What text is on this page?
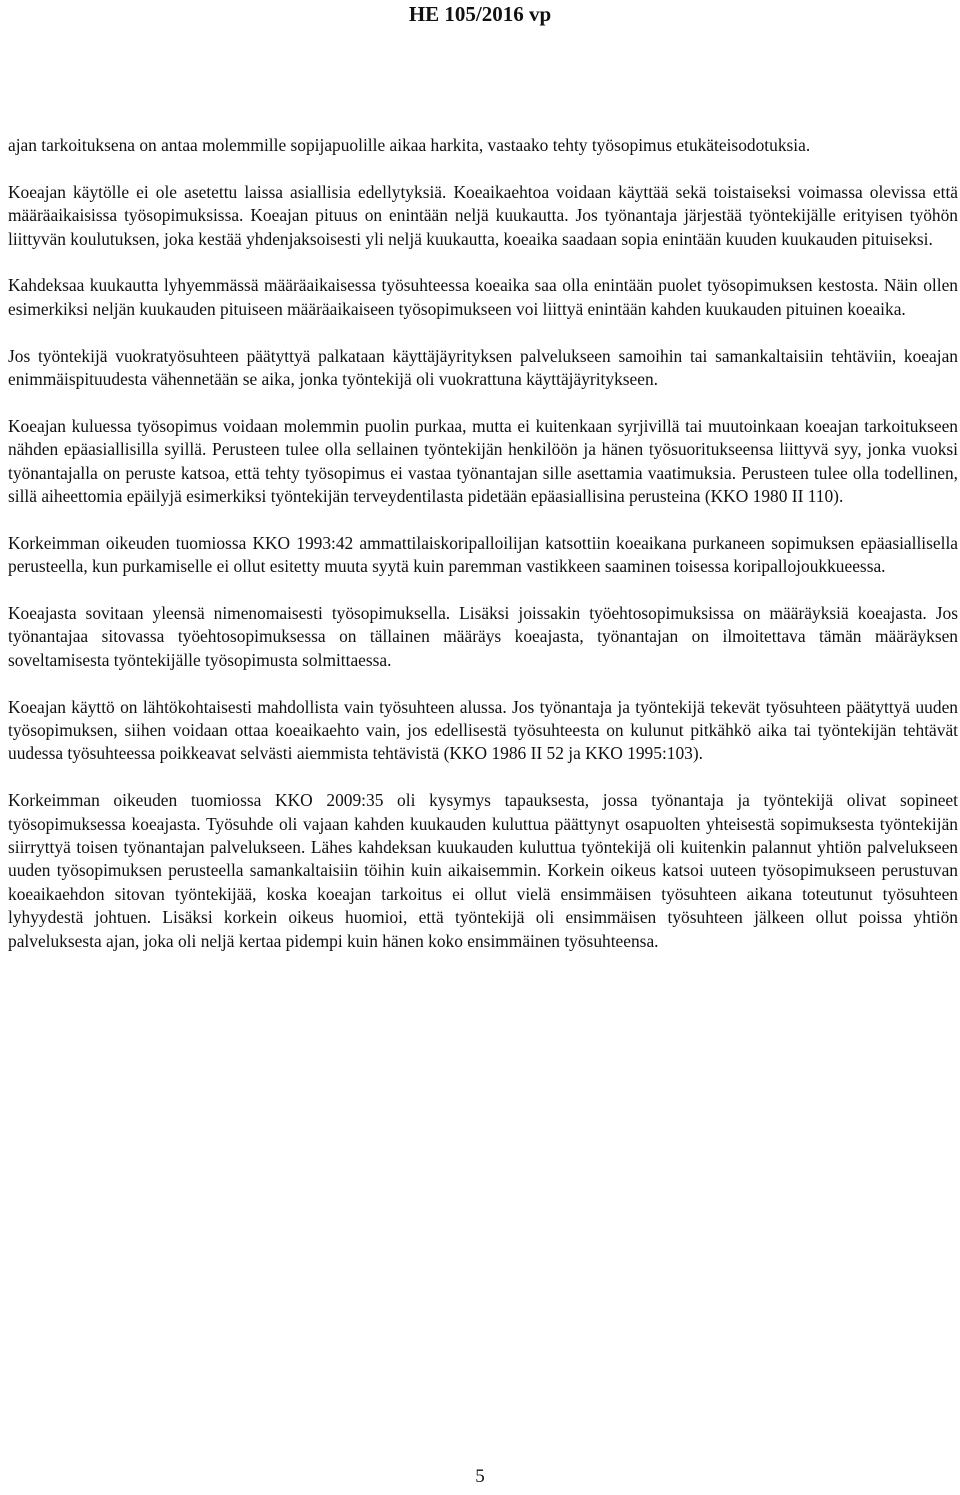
HE 105/2016 vp

ajan tarkoituksena on antaa molemmille sopijapuolille aikaa harkita, vastaako tehty työsopimus etukäteisodotuksia.

Koeajan käytölle ei ole asetettu laissa asiallisia edellytyksiä. Koeaikaehtoa voidaan käyttää sekä toistaiseksi voimassa olevissa että määräaikaisissa työsopimuksissa. Koeajan pituus on enintään neljä kuukautta. Jos työnantaja järjestää työntekijälle erityisen työhön liittyvän koulutuksen, joka kestää yhdenjaksoisesti yli neljä kuukautta, koeaika saadaan sopia enintään kuuden kuukauden pituiseksi.

Kahdeksaa kuukautta lyhyemmässä määräaikaisessa työsuhteessa koeaika saa olla enintään puolet työsopimuksen kestosta. Näin ollen esimerkiksi neljän kuukauden pituiseen määräaikaiseen työsopimukseen voi liittyä enintään kahden kuukauden pituinen koeaika.

Jos työntekijä vuokratyösuhteen päätyttyä palkataan käyttäjäyrityksen palvelukseen samoihin tai samankaltaisiin tehtäviin, koeajan enimmäispituudesta vähennetään se aika, jonka työntekijä oli vuokrattuna käyttäjäyritykseen.

Koeajan kuluessa työsopimus voidaan molemmin puolin purkaa, mutta ei kuitenkaan syrjivillä tai muutoinkaan koeajan tarkoitukseen nähden epäasiallisilla syillä. Perusteen tulee olla sellainen työntekijän henkilöön ja hänen työsuoritukseensa liittyvä syy, jonka vuoksi työnantajalla on peruste katsoa, että tehty työsopimus ei vastaa työnantajan sille asettamia vaatimuksia. Perusteen tulee olla todellinen, sillä aiheettomia epäilyjä esimerkiksi työntekijän terveydentilasta pidetään epäasiallisina perusteina (KKO 1980 II 110).

Korkeimman oikeuden tuomiossa KKO 1993:42 ammattilaiskoripalloilijan katsottiin koeaikana purkaneen sopimuksen epäasiallisella perusteella, kun purkamiselle ei ollut esitetty muuta syytä kuin paremman vastikkeen saaminen toisessa koripallojoukkueessa.

Koeajasta sovitaan yleensä nimenomaisesti työsopimuksella. Lisäksi joissakin työehtosopimuksissa on määräyksiä koeajasta. Jos työnantajaa sitovassa työehtosopimuksessa on tällainen määräys koeajasta, työnantajan on ilmoitettava tämän määräyksen soveltamisesta työntekijälle työsopimusta solmittaessa.

Koeajan käyttö on lähtökohtaisesti mahdollista vain työsuhteen alussa. Jos työnantaja ja työntekijä tekevät työsuhteen päätyttyä uuden työsopimuksen, siihen voidaan ottaa koeaikaehto vain, jos edellisestä työsuhteesta on kulunut pitkähkö aika tai työntekijän tehtävät uudessa työsuhteessa poikkeavat selvästi aiemmista tehtävistä (KKO 1986 II 52 ja KKO 1995:103).

Korkeimman oikeuden tuomiossa KKO 2009:35 oli kysymys tapauksesta, jossa työnantaja ja työntekijä olivat sopineet työsopimuksessa koeajasta. Työsuhde oli vajaan kahden kuukauden kuluttua päättynyt osapuolten yhteisestä sopimuksesta työntekijän siirryttyä toisen työnantajan palvelukseen. Lähes kahdeksan kuukauden kuluttua työntekijä oli kuitenkin palannut yhtiön palvelukseen uuden työsopimuksen perusteella samankaltaisiin töihin kuin aikaisemmin. Korkein oikeus katsoi uuteen työsopimukseen perustuvan koeaikaehdon sitovan työntekijää, koska koeajan tarkoitus ei ollut vielä ensimmäisen työsuhteen aikana toteutunut työsuhteen lyhyydestä johtuen. Lisäksi korkein oikeus huomioi, että työntekijä oli ensimmäisen työsuhteen jälkeen ollut poissa yhtiön palveluksesta ajan, joka oli neljä kertaa pidempi kuin hänen koko ensimmäinen työsuhteensa.

5
